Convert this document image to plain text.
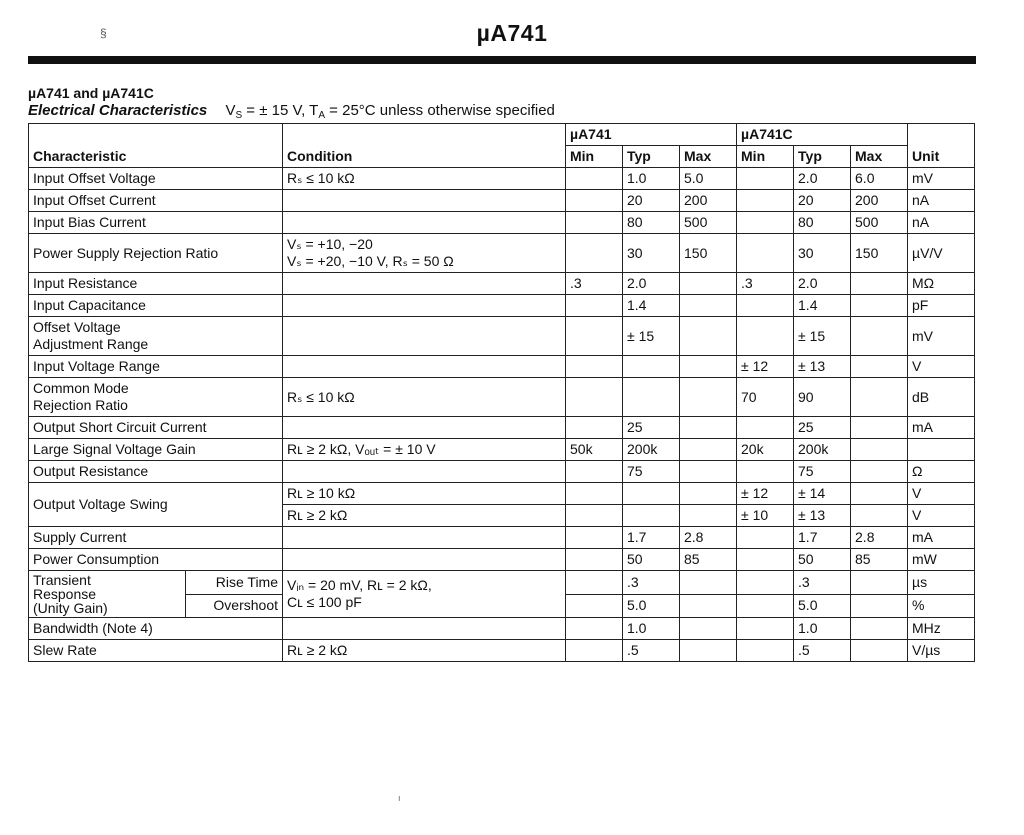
§	µA741
µA741 and µA741C
Electrical Characteristics $V_S$ = ± 15 V, $T_A = 25^\circ C$ unless otherwise specified
			µA741			µA741C			
Characteristic		Condition	Min	Typ	Max	Min	Typ	Max	Unit
Input Offset Voltage		Rₛ ≤ 10 kΩ		1.0	5.0		2.0	6.0	mV
Input Offset Current				20	200		20	200	nA
Input Bias Current				80	500		80	500	nA
Power Supply Rejection Ratio		Vₛ = +10, −20
Vₛ = +20, −10 V, Rₛ = 50 Ω		30	150		30	150	µV/V
Input Resistance			.3	2.0		.3	2.0		MΩ
Input Capacitance				1.4			1.4		pF

Offset Voltage
Adjustment Range				± 15			± 15		mV
Input Voltage Range						± 12	± 13		V

Common Mode
Rejection Ratio		Rₛ ≤ 10 kΩ				70	90		dB
Output Short Circuit Current				25			25		mA
Large Signal Voltage Gain		Rʟ ≥ 2 kΩ, Vₒᵤₜ = ± 10 V	50k	200k		20k	200k		
Output Resistance				75			75		Ω
Output Voltage Swing		Rʟ ≥ 10 kΩ				± 12	± 14		V
		Rʟ ≥ 2 kΩ				± 10	± 13		V
Supply Current				1.7	2.8		1.7	2.8	mA
Power Consumption				50	85		50	85	mW

Transient
Response
(Unity Gain)	Rise Time	Vᵢₙ = 20 mV, Rʟ = 2 kΩ,
Cʟ ≤ 100 pF		.3			.3		µs
	Overshoot			5.0			5.0		%
Bandwidth (Note 4)				1.0			1.0		MHz
Slew Rate		Rʟ ≥ 2 kΩ		.5			.5		V/µs
ı
